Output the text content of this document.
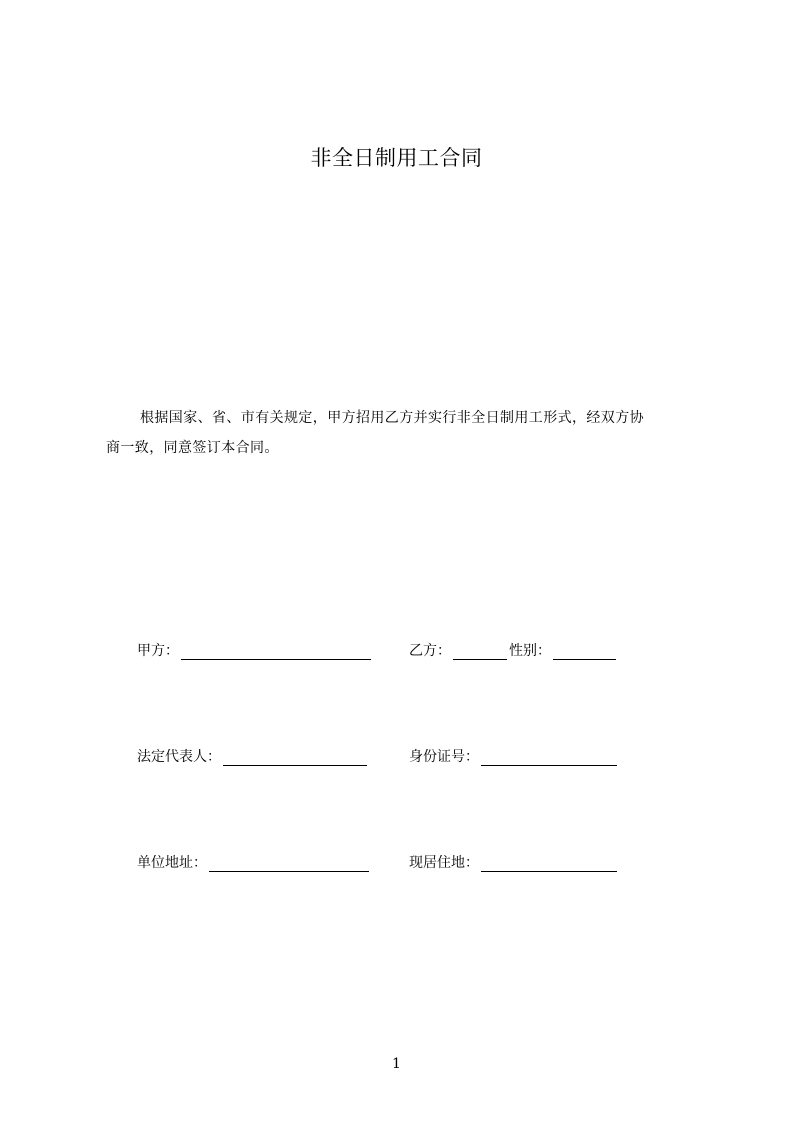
非全日制用工合同
根据国家、省、市有关规定，甲方招用乙方并实行非全日制用工形式，经双方协
商一致，同意签订本合同。
甲方：	乙方：	性别：
法定代表人：	身份证号：
单位地址：	现居住地：
1
